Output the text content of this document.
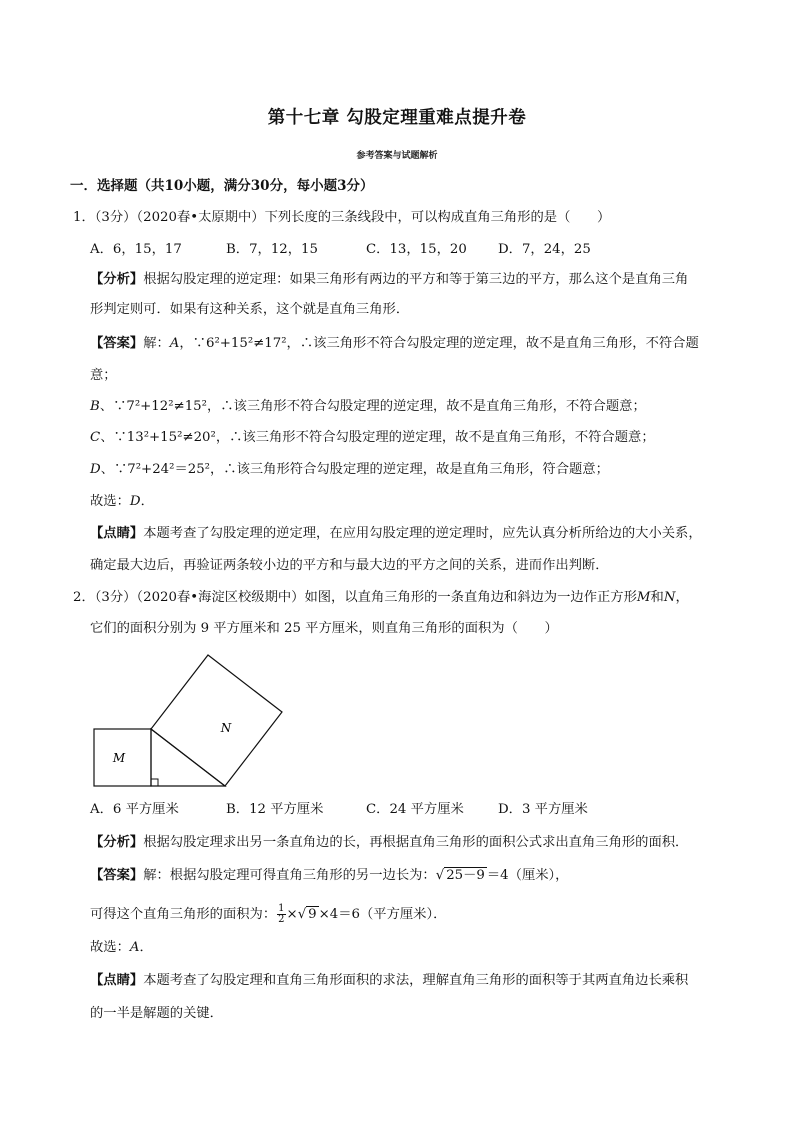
第十七章 勾股定理重难点提升卷
参考答案与试题解析
一．选择题（共10小题，满分30分，每小题3分）
1．（3分）（2020春•太原期中）下列长度的三条线段中，可以构成直角三角形的是（　　）
A．6，15，17	B．7，12，15	C．13，15，20 D．7，24，25
【分析】根据勾股定理的逆定理：如果三角形有两边的平方和等于第三边的平方，那么这个是直角三角
形判定则可．如果有这种关系，这个就是直角三角形．
【答案】解：A，∵6²+15²≠17²，∴该三角形不符合勾股定理的逆定理，故不是直角三角形，不符合题
意；
B、∵7²+12²≠15²，∴该三角形不符合勾股定理的逆定理，故不是直角三角形，不符合题意；
C、∵13²+15²≠20²，∴该三角形不符合勾股定理的逆定理，故不是直角三角形，不符合题意；
D、∵7²+24²＝25²，∴该三角形符合勾股定理的逆定理，故是直角三角形，符合题意；
故选：D．
【点睛】本题考查了勾股定理的逆定理，在应用勾股定理的逆定理时，应先认真分析所给边的大小关系，
确定最大边后，再验证两条较小边的平方和与最大边的平方之间的关系，进而作出判断．
2．（3分）（2020春•海淀区校级期中）如图，以直角三角形的一条直角边和斜边为一边作正方形M和N，
它们的面积分别为 9 平方厘米和 25 平方厘米，则直角三角形的面积为（　　）
M
N
A．6 平方厘米	B．12 平方厘米	C．24 平方厘米	D．3 平方厘米
【分析】根据勾股定理求出另一条直角边的长，再根据直角三角形的面积公式求出直角三角形的面积．
【答案】解：根据勾股定理可得直角三角形的另一边长为：√ 25－9 ＝4（厘米），
可得这个直角三角形的面积为： $\frac{1}{2}$ ×√ 9 ×4＝6（平方厘米）．
故选：A．
【点睛】本题考查了勾股定理和直角三角形面积的求法，理解直角三角形的面积等于其两直角边长乘积
的一半是解题的关键．
